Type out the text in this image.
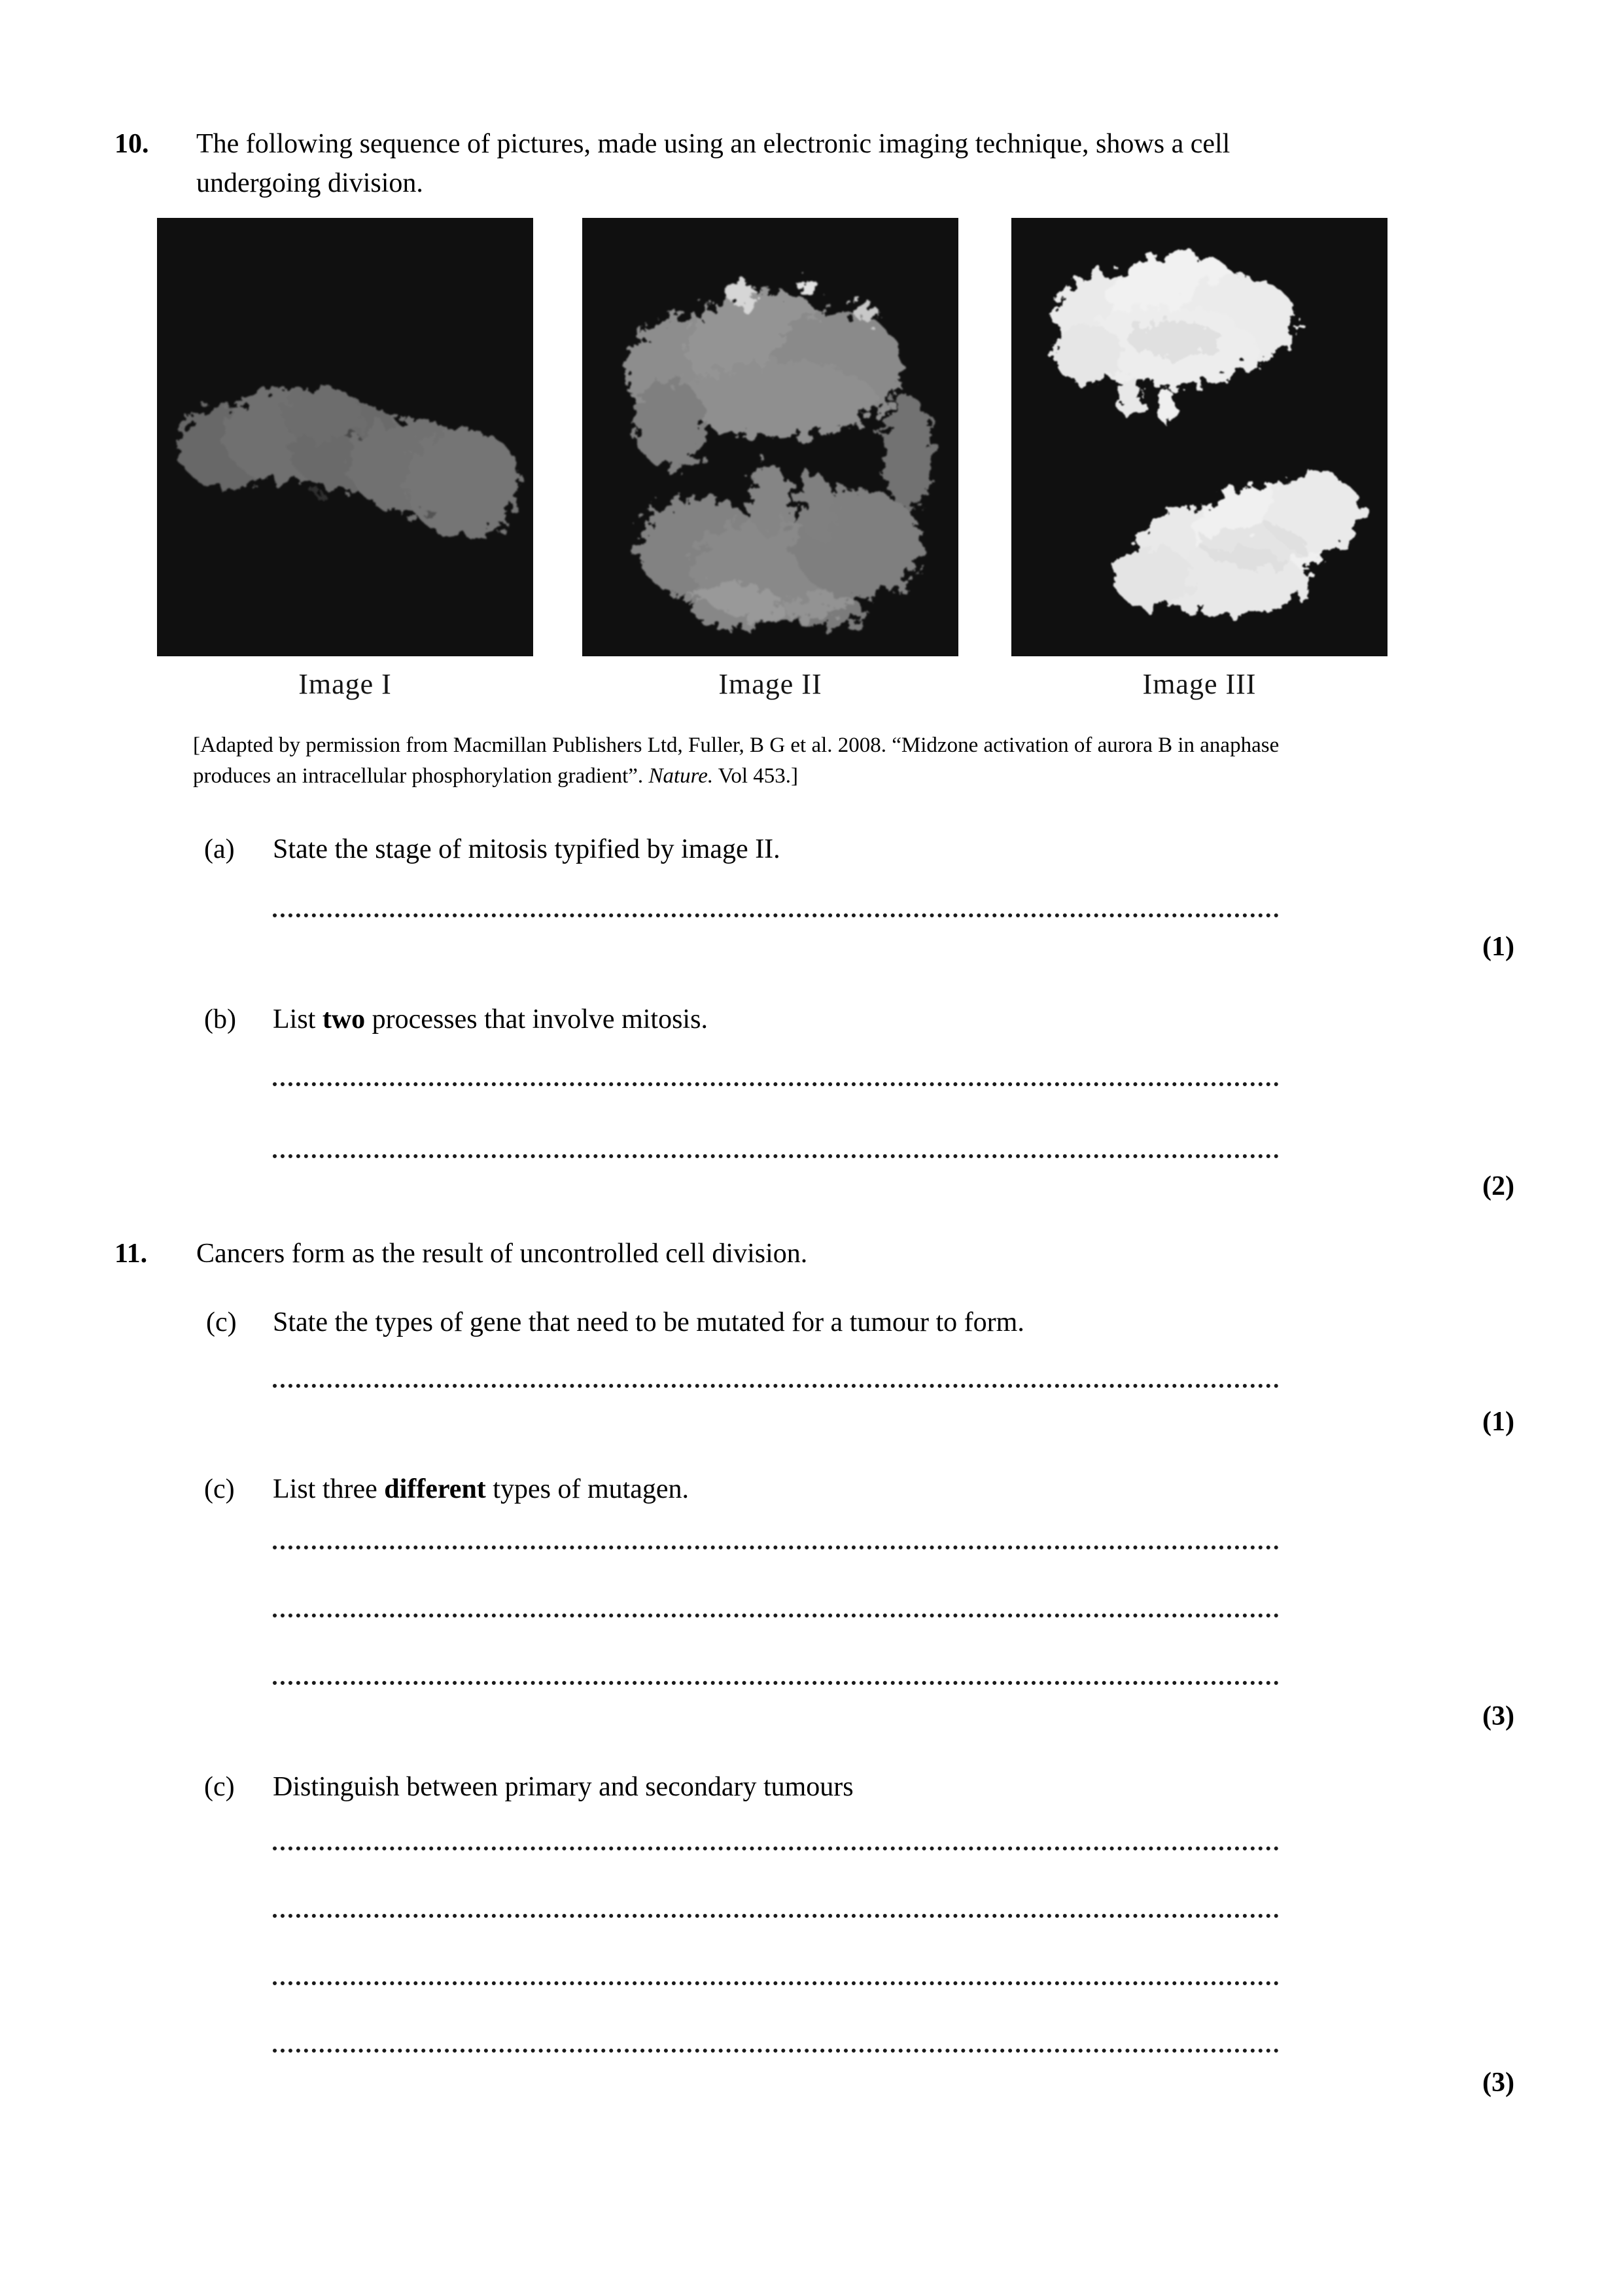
10. The following sequence of pictures, made using an electronic imaging technique, shows a cell
undergoing division.
Image I	Image II	Image III
[Adapted by permission from Macmillan Publishers Ltd, Fuller, B G et al. 2008. “Midzone activation of aurora B in anaphase
produces an intracellular phosphorylation gradient”. Nature. Vol 453.]
(a) State the stage of mitosis typified by image II.
(1)
(b) List two processes that involve mitosis.
(2)
11. Cancers form as the result of uncontrolled cell division.
(c) State the types of gene that need to be mutated for a tumour to form.
(1)
(c) List three different types of mutagen.
(3)
(c) Distinguish between primary and secondary tumours
(3)
